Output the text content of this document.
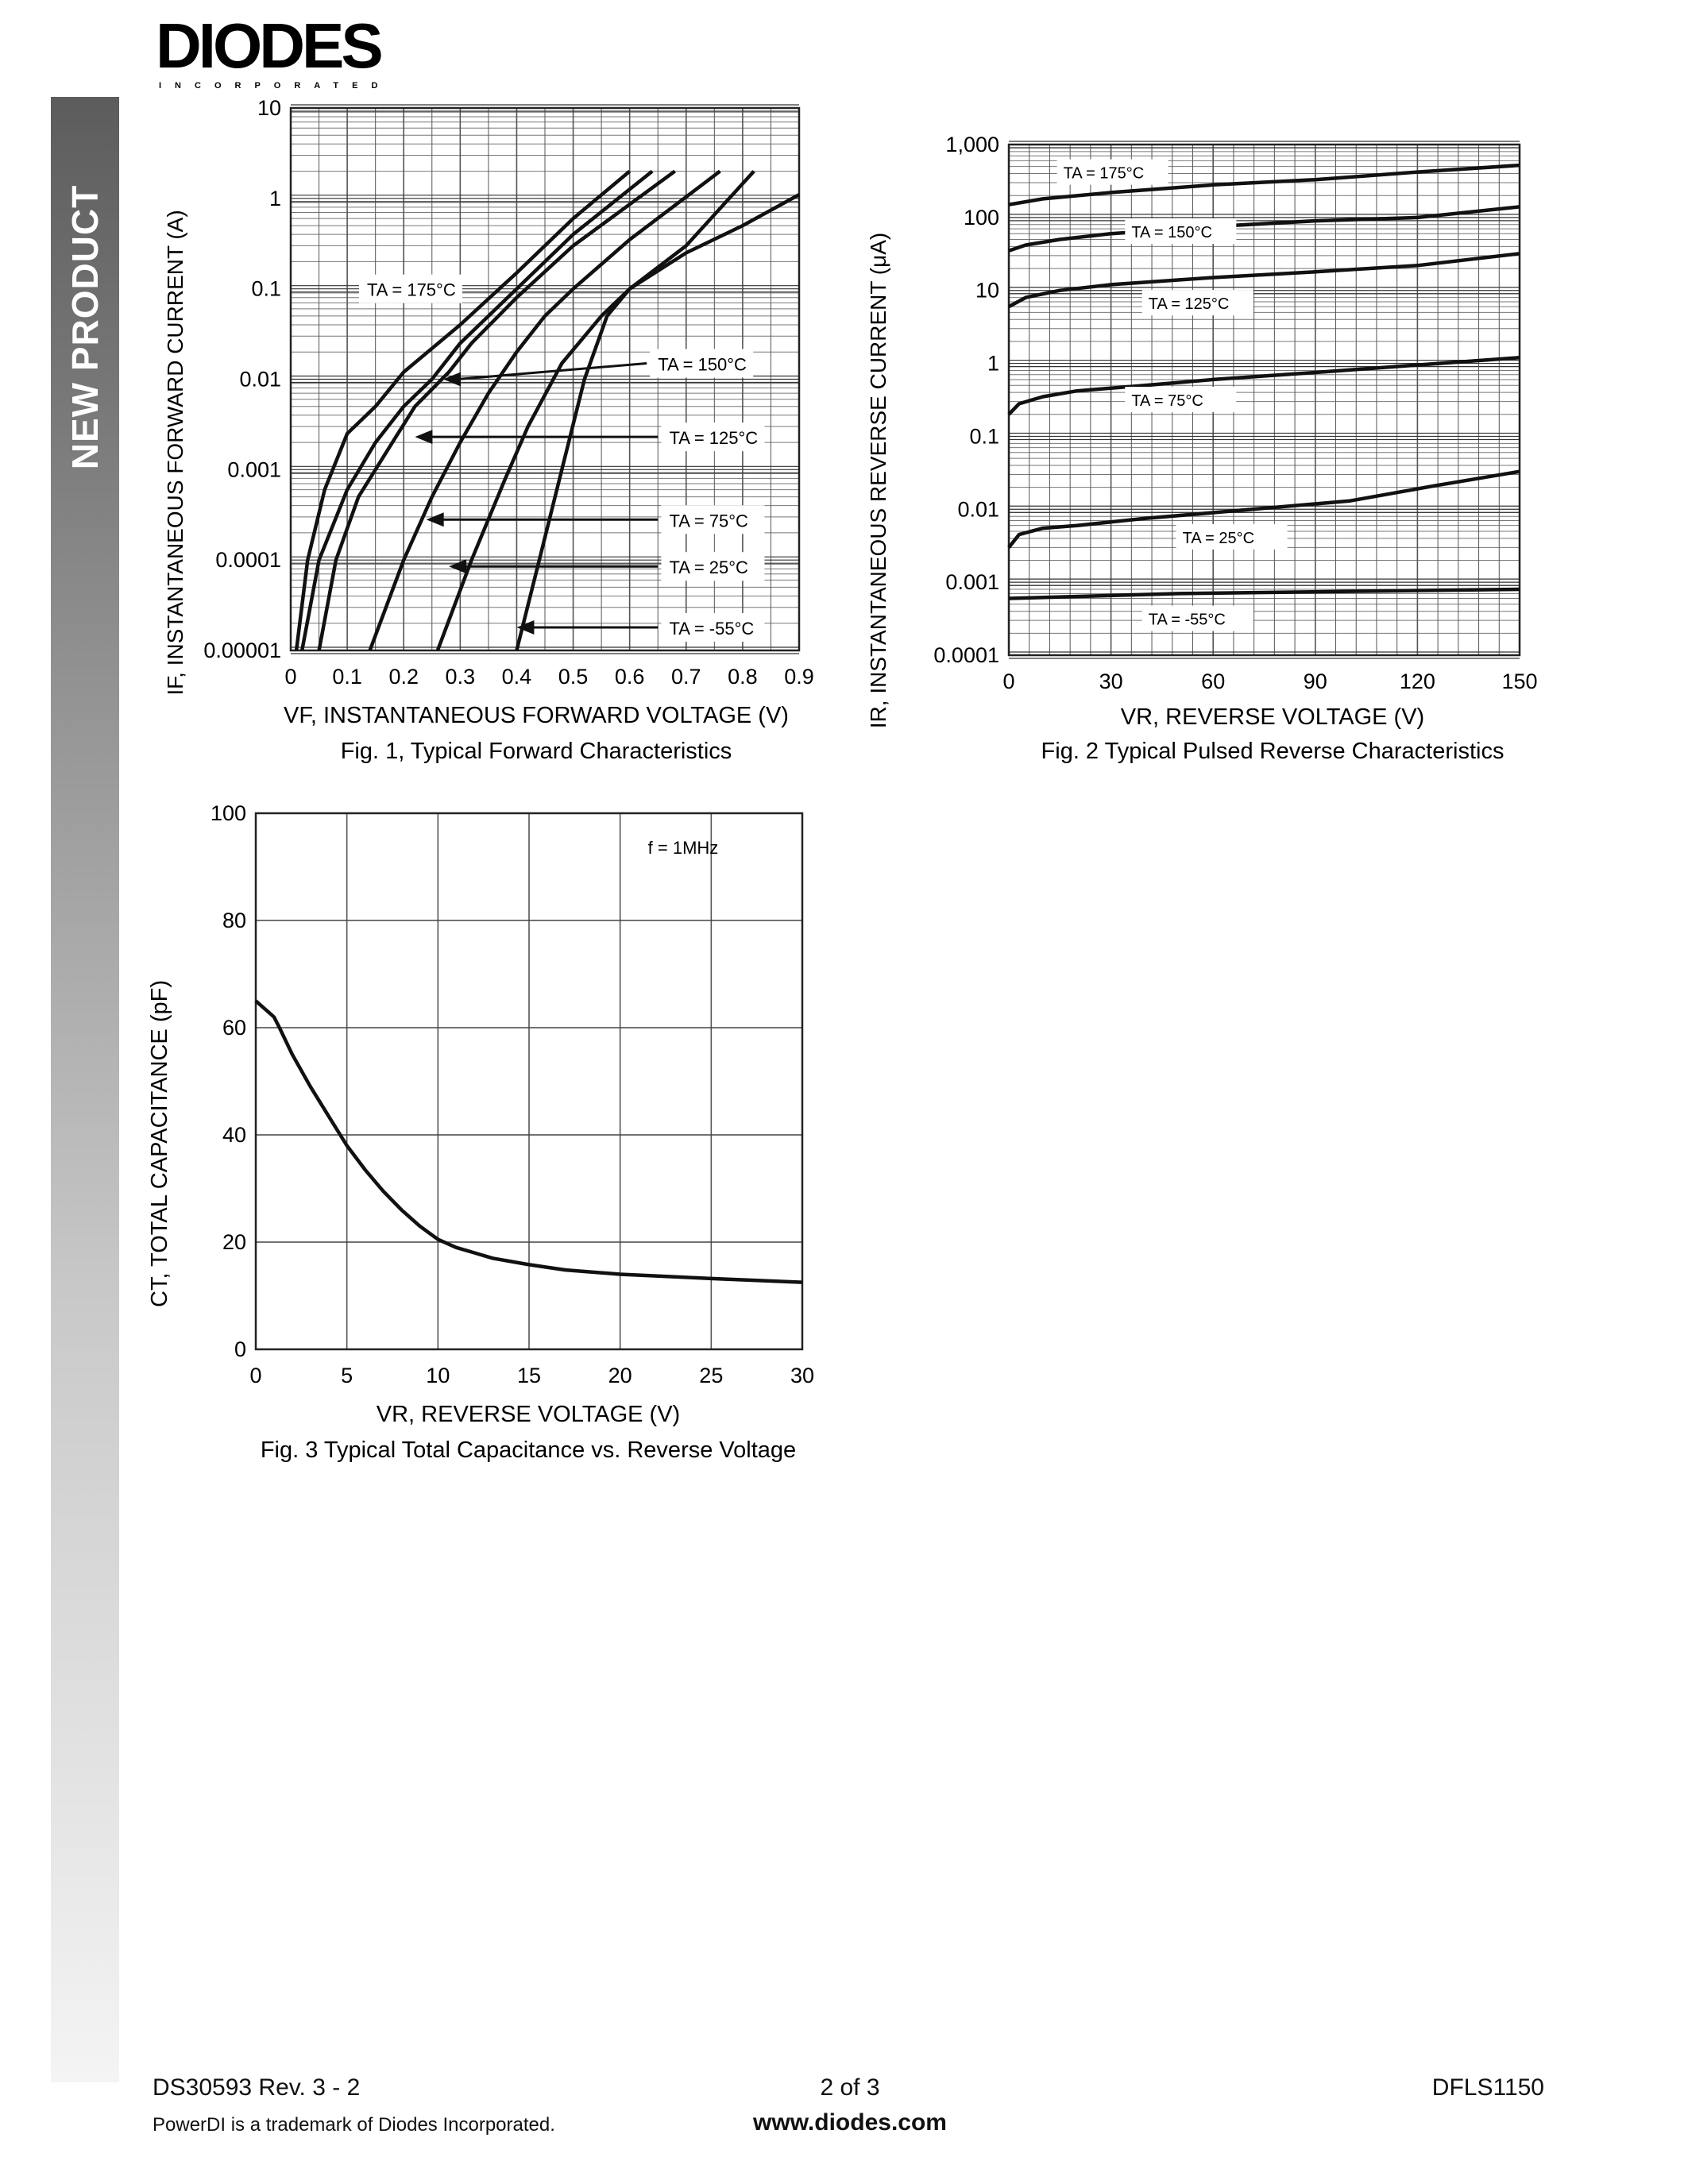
DIODES
INCORPORATED
NEW PRODUCT
0.00001
0.0001
0.001
0.01
0.1
1
10
0 0.1 0.2 0.3 0.4 0.5 0.6 0.7 0.8 0.9
TA = 175°C
TA = 150°C
TA = 125°C
TA = 75°C
TA = 25°C
TA = -55°C
IF, INSTANTANEOUS FORWARD CURRENT (A)
VF, INSTANTANEOUS FORWARD VOLTAGE (V)
Fig. 1, Typical Forward Characteristics
0.0001
0.001
0.01
0.1
1
10
100
1,000
0	30	60	90	120	150
TA = 175°C
TA = 150°C
TA = 125°C
TA = 75°C
TA = 25°C
TA = -55°C
IR, INSTANTANEOUS REVERSE CURRENT (μA)	VR, REVERSE VOLTAGE (V)
Fig. 2 Typical Pulsed Reverse Characteristics
0
20
40
60
80
100
0	5	10	15	20	25	30
f = 1MHz
CT, TOTAL CAPACITANCE (pF)
VR, REVERSE VOLTAGE (V)
Fig. 3 Typical Total Capacitance vs. Reverse Voltage
DS30593 Rev. 3 - 2	2 of 3	DFLS1150
PowerDI is a trademark of Diodes Incorporated.	www.diodes.com
